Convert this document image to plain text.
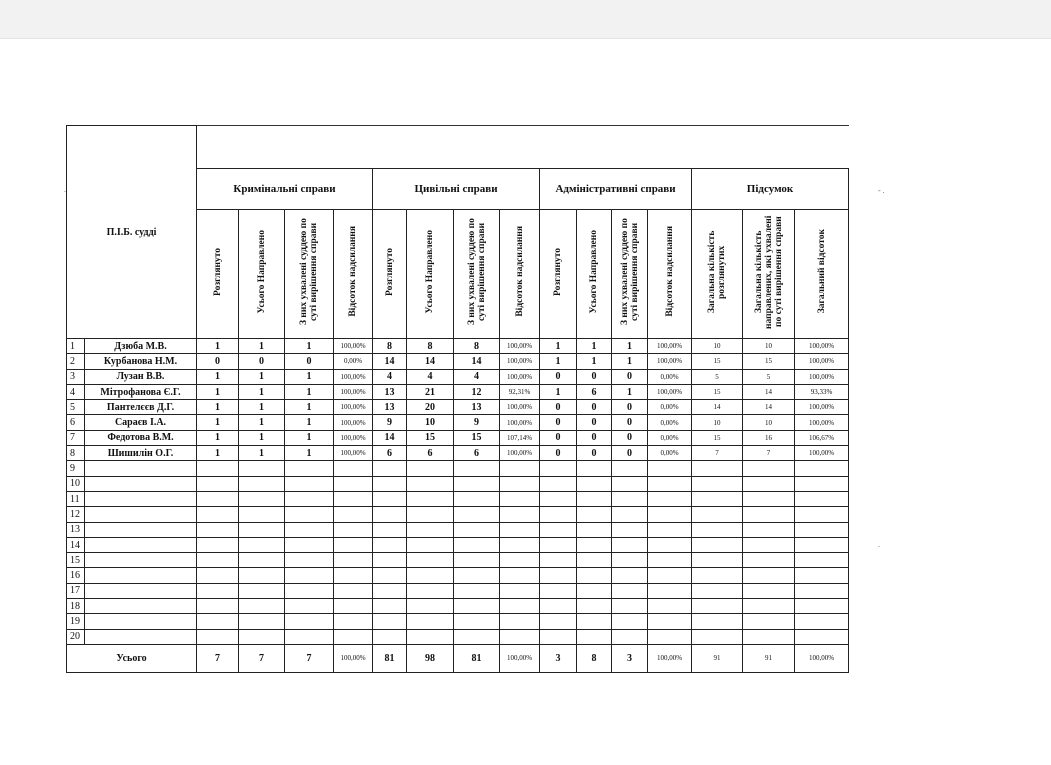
П.І.Б. судді																
		Кримінальні справи				Цивільні справи				Адміністративні справи				Підсумок		
		Розглянуто	Усього Направлено	З них ухвалені суддею по суті вирішення справи	Відсоток надсилання	Розглянуто	Усього Направлено	З них ухвалені суддею по суті вирішення справи	Відсоток надсилання	Розглянуто	Усього Направлено	З них ухвалені суддею по суті вирішення справи	Відсоток надсилання	Загальна кількість розглянутих	Загальна кількість направлених, які ухвалені по суті вирішення справи	Загальний відсоток
1	Дзюба М.В.	1	1	1	100,00%	8	8	8	100,00%	1	1	1	100,00%	10	10	100,00%
2	Курбанова Н.М.	0	0	0	0,00%	14	14	14	100,00%	1	1	1	100,00%	15	15	100,00%
3	Лузан В.В.	1	1	1	100,00%	4	4	4	100,00%	0	0	0	0,00%	5	5	100,00%
4	Мітрофанова Є.Г.	1	1	1	100,00%	13	21	12	92,31%	1	6	1	100,00%	15	14	93,33%
5	Пантелєєв Д.Г.	1	1	1	100,00%	13	20	13	100,00%	0	0	0	0,00%	14	14	100,00%
6	Сараєв І.А.	1	1	1	100,00%	9	10	9	100,00%	0	0	0	0,00%	10	10	100,00%
7	Федотова В.М.	1	1	1	100,00%	14	15	15	107,14%	0	0	0	0,00%	15	16	106,67%
8	Шишилін О.Г.	1	1	1	100,00%	6	6	6	100,00%	0	0	0	0,00%	7	7	100,00%
9																
10																
11																
12																
13																
14																
15																
16																
17																
18																
19																
20																
Усього		7	7	7	100,00%	81	98	81	100,00%	3	8	3	100,00%	91	91	100,00%
.	- .
.
